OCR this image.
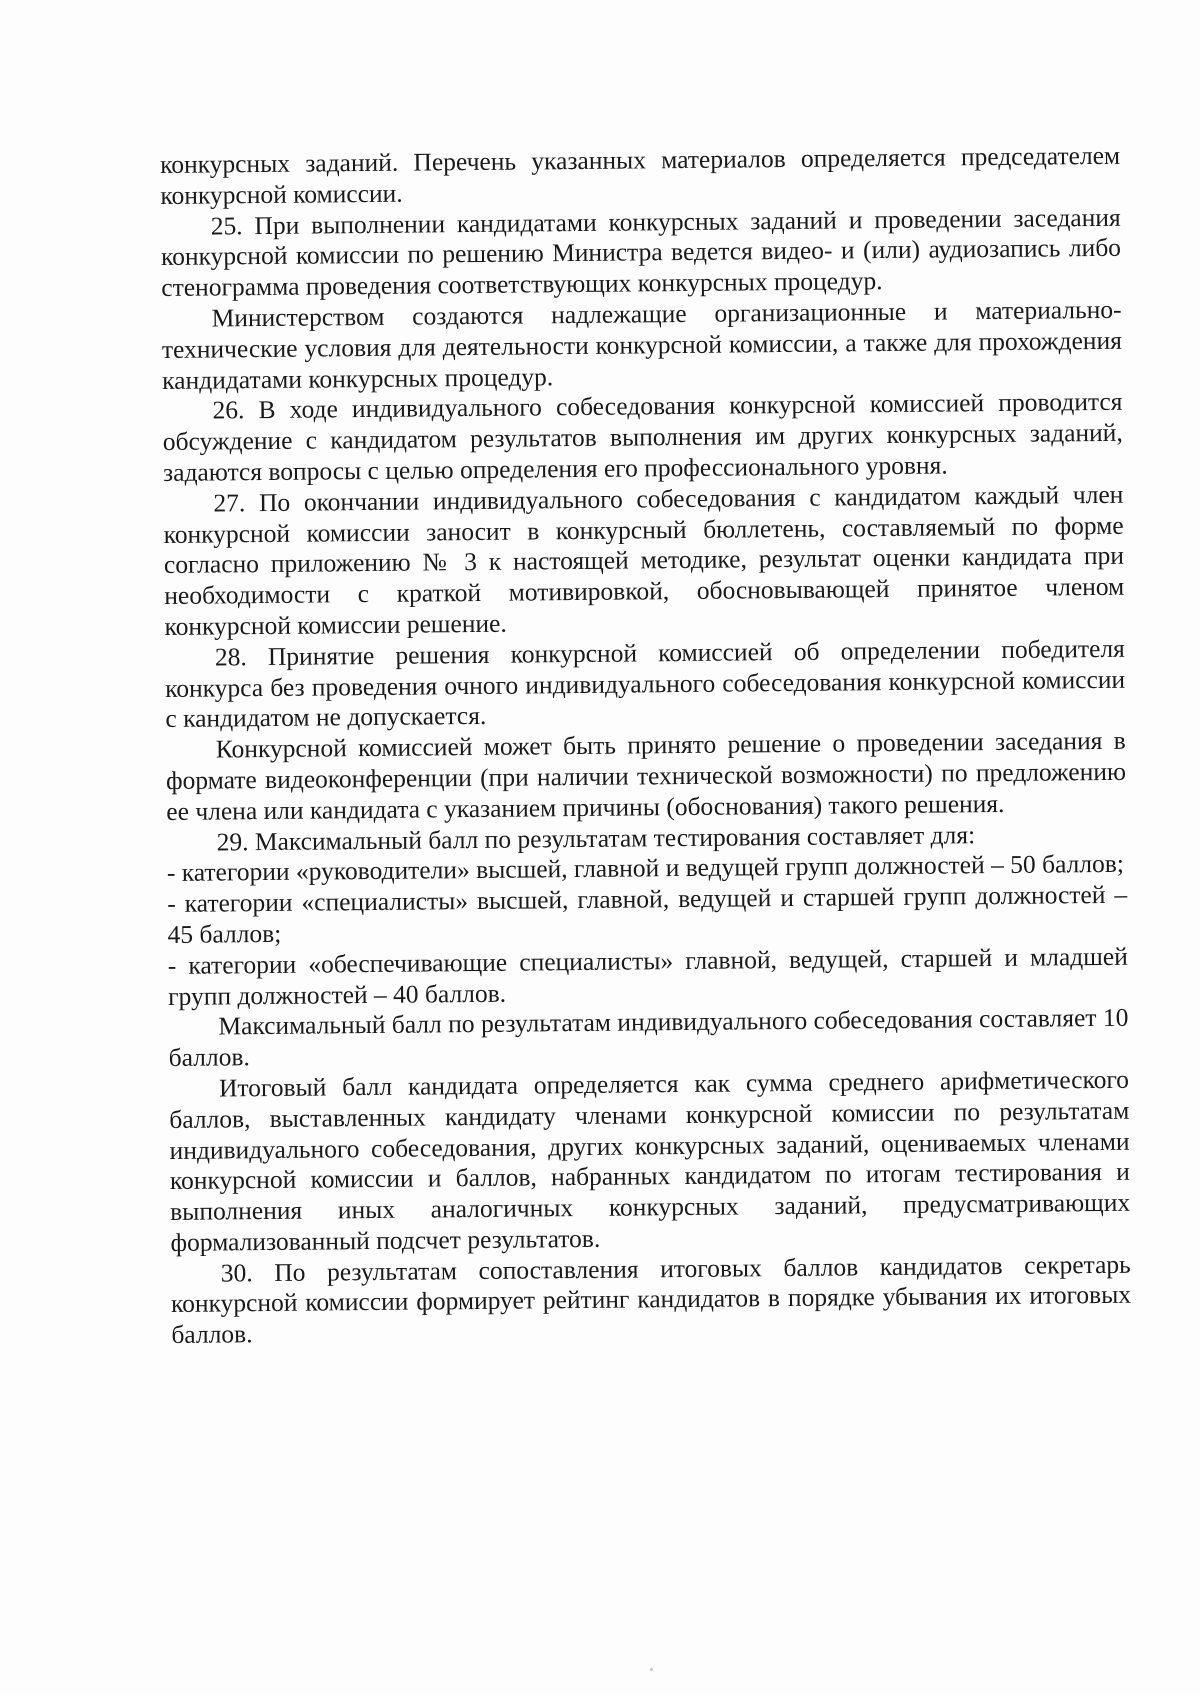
конкурсных заданий. Перечень указанных материалов определяется председателем конкурсной комиссии.

25. При выполнении кандидатами конкурсных заданий и проведении заседания конкурсной комиссии по решению Министра ведется видео- и (или) аудиозапись либо стенограмма проведения соответствующих конкурсных процедур.

Министерством создаются надлежащие организационные и материально-технические условия для деятельности конкурсной комиссии, а также для прохождения кандидатами конкурсных процедур.

26. В ходе индивидуального собеседования конкурсной комиссией проводится обсуждение с кандидатом результатов выполнения им других конкурсных заданий, задаются вопросы с целью определения его профессионального уровня.

27. По окончании индивидуального собеседования с кандидатом каждый член конкурсной комиссии заносит в конкурсный бюллетень, составляемый по форме согласно приложению № 3 к настоящей методике, результат оценки кандидата при необходимости с краткой мотивировкой, обосновывающей принятое членом конкурсной комиссии решение.

28. Принятие решения конкурсной комиссией об определении победителя конкурса без проведения очного индивидуального собеседования конкурсной комиссии с кандидатом не допускается.

Конкурсной комиссией может быть принято решение о проведении заседания в формате видеоконференции (при наличии технической возможности) по предложению ее члена или кандидата с указанием причины (обоснования) такого решения.

29. Максимальный балл по результатам тестирования составляет для:

- категории «руководители» высшей, главной и ведущей групп должностей – 50 баллов;

- категории «специалисты» высшей, главной, ведущей и старшей групп должностей – 45 баллов;

- категории «обеспечивающие специалисты» главной, ведущей, старшей и младшей групп должностей – 40 баллов.

Максимальный балл по результатам индивидуального собеседования составляет 10 баллов.

Итоговый балл кандидата определяется как сумма среднего арифметического баллов, выставленных кандидату членами конкурсной комиссии по результатам индивидуального собеседования, других конкурсных заданий, оцениваемых членами конкурсной комиссии и баллов, набранных кандидатом по итогам тестирования и выполнения иных аналогичных конкурсных заданий, предусматривающих формализованный подсчет результатов.

30. По результатам сопоставления итоговых баллов кандидатов секретарь конкурсной комиссии формирует рейтинг кандидатов в порядке убывания их итоговых баллов.
